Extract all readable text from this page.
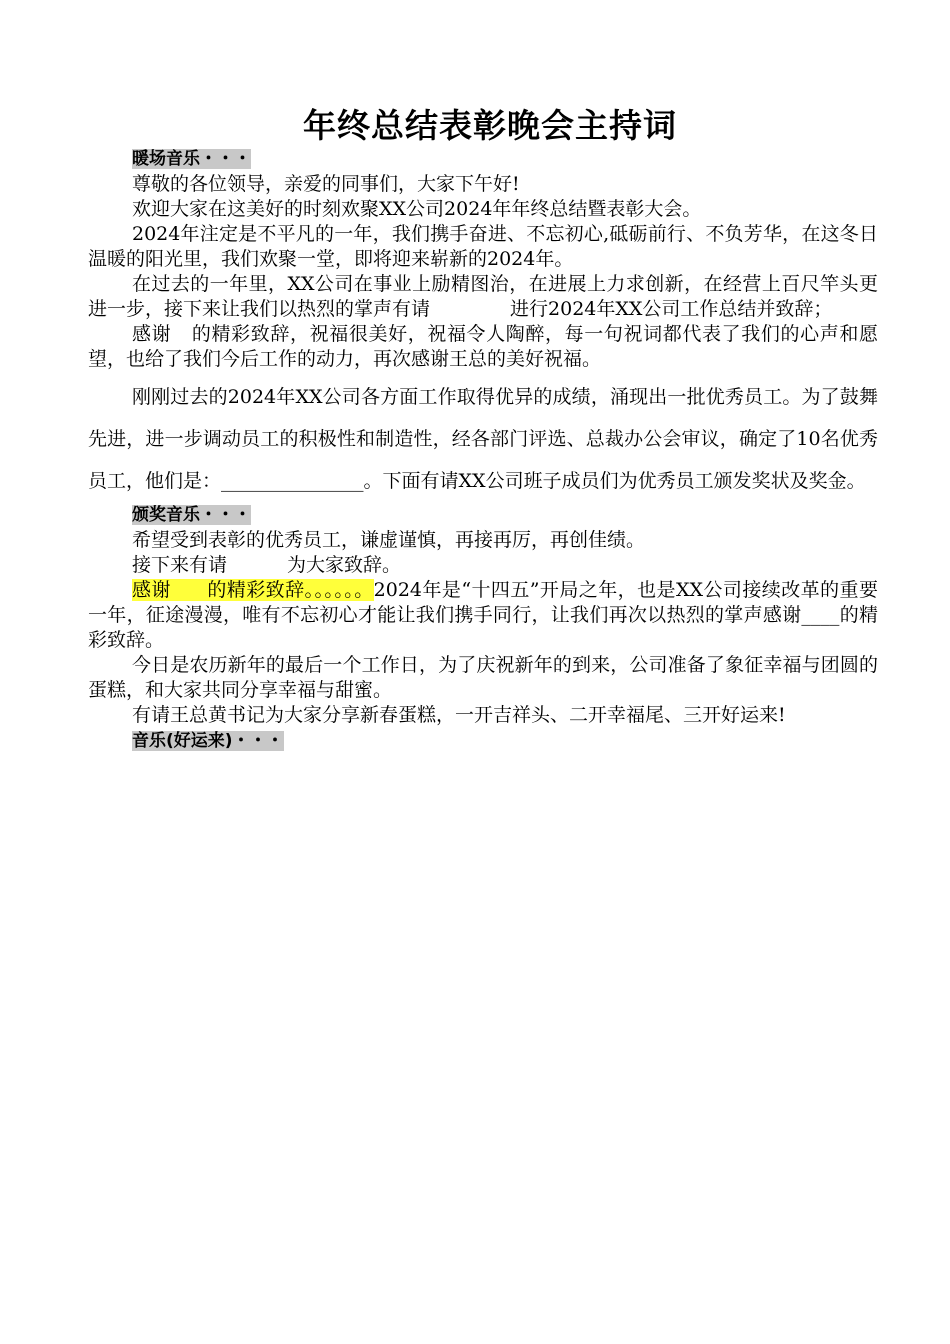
年终总结表彰晚会主持词

暖场音乐・・・

尊敬的各位领导，亲爱的同事们，大家下午好!

欢迎大家在这美好的时刻欢聚XX公司2024年年终总结暨表彰大会。

2024年注定是不平凡的一年，我们携手奋进、不忘初心,砥砺前行、不负芳华，在这冬日温暖的阳光里，我们欢聚一堂，即将迎来崭新的2024年。

在过去的一年里，XX公司在事业上励精图治，在进展上力求创新，在经营上百尺竿头更进一步，接下来让我们以热烈的掌声有请	进行2024年XX公司工作总结并致辞；

感谢 的精彩致辞，祝福很美好，祝福令人陶醉，每一句祝词都代表了我们的心声和愿望，也给了我们今后工作的动力，再次感谢王总的美好祝福。

刚刚过去的2024年XX公司各方面工作取得优异的成绩，涌现出一批优秀员工。为了鼓舞先进，进一步调动员工的积极性和制造性，经各部门评选、总裁办公会审议，确定了10名优秀员工，他们是：_______________。下面有请XX公司班子成员们为优秀员工颁发奖状及奖金。

颁奖音乐・・・

希望受到表彰的优秀员工，谦虚谨慎，再接再厉，再创佳绩。

接下来有请	为大家致辞。

感谢 的精彩致辞。。。。。。2024年是“十四五”开局之年，也是XX公司接续改革的重要一年，征途漫漫，唯有不忘初心才能让我们携手同行，让我们再次以热烈的掌声感谢____的精彩致辞。

今日是农历新年的最后一个工作日，为了庆祝新年的到来，公司准备了象征幸福与团圆的蛋糕，和大家共同分享幸福与甜蜜。

有请王总黄书记为大家分享新春蛋糕，一开吉祥头、二开幸福尾、三开好运来!

音乐(好运来)・・・
